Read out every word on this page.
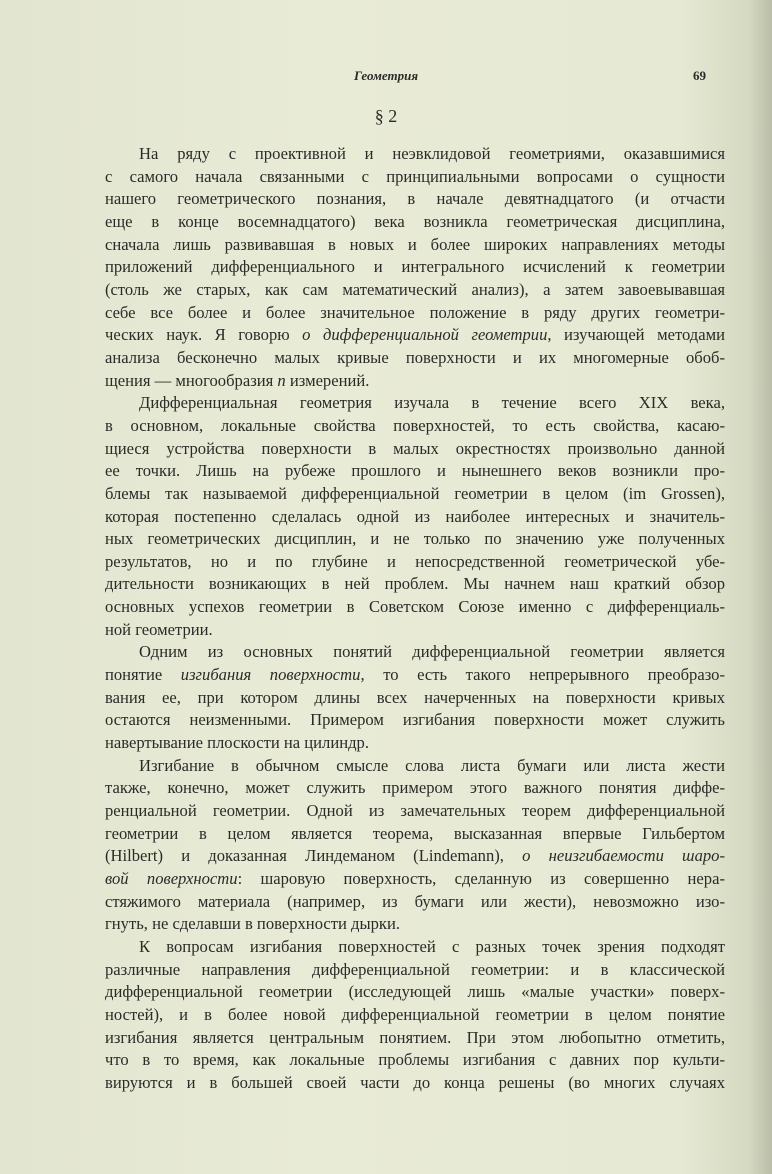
Геометрия	69
§ 2
На ряду с проективной и неэвклидовой геометриями, оказавшимися
с самого начала связанными с принципиальными вопросами о сущности
нашего геометрического познания, в начале девятнадцатого (и отчасти
еще в конце восемнадцатого) века возникла геометрическая дисциплина,
сначала лишь развивавшая в новых и более широких направлениях методы
приложений дифференциального и интегрального исчислений к геометрии
(столь же старых, как сам математический анализ), а затем завоевывавшая
себе все более и более значительное положение в ряду других геометри-
ческих наук. Я говорю о дифференциальной геометрии, изучающей методами
анализа бесконечно малых кривые поверхности и их многомерные обоб-
щения — многообразия n измерений.
Дифференциальная геометрия изучала в течение всего XIX века,
в основном, локальные свойства поверхностей, то есть свойства, касаю-
щиеся устройства поверхности в малых окрестностях произвольно данной
ее точки. Лишь на рубеже прошлого и нынешнего веков возникли про-
блемы так называемой дифференциальной геометрии в целом (im Grossen),
которая постепенно сделалась одной из наиболее интересных и значитель-
ных геометрических дисциплин, и не только по значению уже полученных
результатов, но и по глубине и непосредственной геометрической убе-
дительности возникающих в ней проблем. Мы начнем наш краткий обзор
основных успехов геометрии в Советском Союзе именно с дифференциаль-
ной геометрии.
Одним из основных понятий дифференциальной геометрии является
понятие изгибания поверхности, то есть такого непрерывного преобразо-
вания ее, при котором длины всех начерченных на поверхности кривых
остаются неизменными. Примером изгибания поверхности может служить
навертывание плоскости на цилиндр.
Изгибание в обычном смысле слова листа бумаги или листа жести
также, конечно, может служить примером этого важного понятия диффе-
ренциальной геометрии. Одной из замечательных теорем дифференциальной
геометрии в целом является теорема, высказанная впервые Гильбертом
(Hilbert) и доказанная Линдеманом (Lindemann), о неизгибаемости шаро-
вой поверхности: шаровую поверхность, сделанную из совершенно нера-
стяжимого материала (например, из бумаги или жести), невозможно изо-
гнуть, не сделавши в поверхности дырки.
К вопросам изгибания поверхностей с разных точек зрения подходят
различные направления дифференциальной геометрии: и в классической
дифференциальной геометрии (исследующей лишь «малые участки» поверх-
ностей), и в более новой дифференциальной геометрии в целом понятие
изгибания является центральным понятием. При этом любопытно отметить,
что в то время, как локальные проблемы изгибания с давних пор культи-
вируются и в большей своей части до конца решены (во многих случаях
